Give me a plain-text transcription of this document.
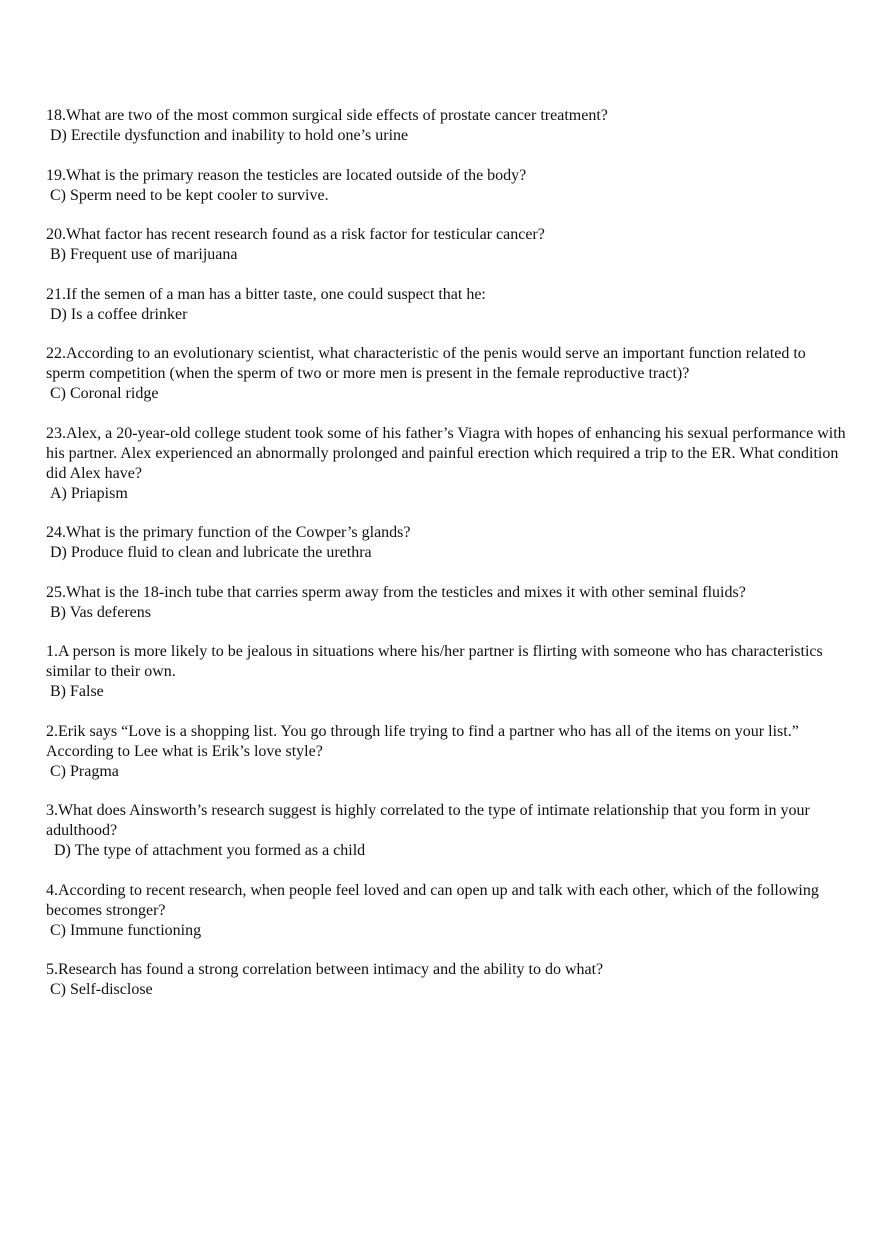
18.What are two of the most common surgical side effects of prostate cancer treatment?
D) Erectile dysfunction and inability to hold one’s urine
19.What is the primary reason the testicles are located outside of the body?
C) Sperm need to be kept cooler to survive.
20.What factor has recent research found as a risk factor for testicular cancer?
B) Frequent use of marijuana
21.If the semen of a man has a bitter taste, one could suspect that he:
D) Is a coffee drinker
22.According to an evolutionary scientist, what characteristic of the penis would serve an important function related to sperm competition (when the sperm of two or more men is present in the female reproductive tract)?
C) Coronal ridge
23.Alex, a 20-year-old college student took some of his father’s Viagra with hopes of enhancing his sexual performance with his partner. Alex experienced an abnormally prolonged and painful erection which required a trip to the ER. What condition did Alex have?
A) Priapism
24.What is the primary function of the Cowper’s glands?
D) Produce fluid to clean and lubricate the urethra
25.What is the 18-inch tube that carries sperm away from the testicles and mixes it with other seminal fluids?
B) Vas deferens
1.A person is more likely to be jealous in situations where his/her partner is flirting with someone who has characteristics similar to their own.
B) False
2.Erik says “Love is a shopping list. You go through life trying to find a partner who has all of the items on your list.” According to Lee what is Erik’s love style?
C) Pragma
3.What does Ainsworth’s research suggest is highly correlated to the type of intimate relationship that you form in your adulthood?
D) The type of attachment you formed as a child
4.According to recent research, when people feel loved and can open up and talk with each other, which of the following becomes stronger?
C) Immune functioning
5.Research has found a strong correlation between intimacy and the ability to do what?
C) Self-disclose
